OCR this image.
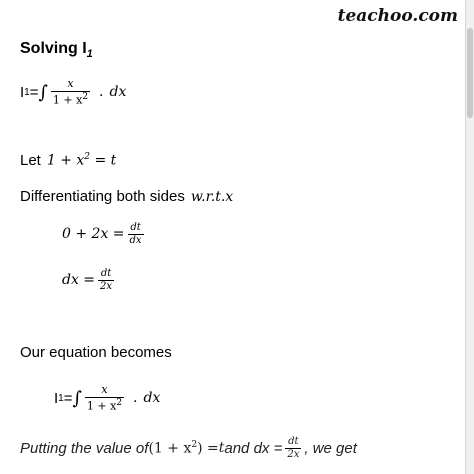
teachoo.com
Solving $I_1$
I 1 = ∫ $\frac{x}{1 + x^2}$ . dx
Let $1 + x^2 = t$
Differentiating both sides w.r.t.x
$0 + 2x = \frac{dt}{dx}$
dx = $\frac{dt}{2x}$
Our equation becomes
I 1 = ∫ $\frac{x}{1 + x^2}$ . dx
Putting the value of $(1 + x^2) = t$ and dx = $\frac{dt}{2x}$ , we get
